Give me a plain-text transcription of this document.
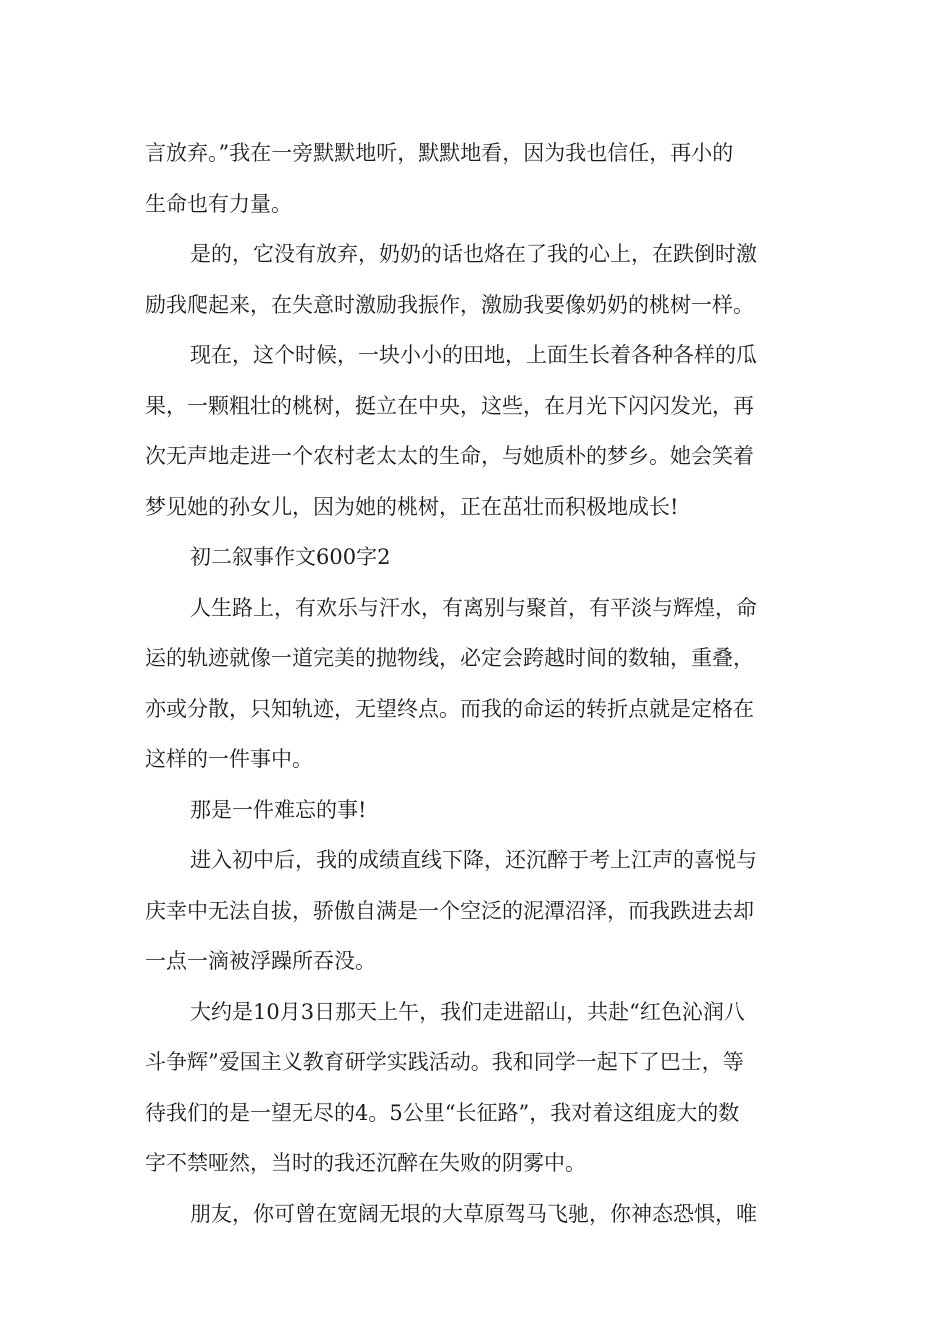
言放弃。”我在一旁默默地听，默默地看，因为我也信任，再小的
生命也有力量。

是的，它没有放弃，奶奶的话也烙在了我的心上，在跌倒时激
励我爬起来，在失意时激励我振作，激励我要像奶奶的桃树一样。

现在，这个时候，一块小小的田地，上面生长着各种各样的瓜
果，一颗粗壮的桃树，挺立在中央，这些，在月光下闪闪发光，再
次无声地走进一个农村老太太的生命，与她质朴的梦乡。她会笑着
梦见她的孙女儿，因为她的桃树，正在茁壮而积极地成长!

初二叙事作文600字2

人生路上，有欢乐与汗水，有离别与聚首，有平淡与辉煌，命
运的轨迹就像一道完美的抛物线，必定会跨越时间的数轴，重叠，
亦或分散，只知轨迹，无望终点。而我的命运的转折点就是定格在
这样的一件事中。

那是一件难忘的事!

进入初中后，我的成绩直线下降，还沉醉于考上江声的喜悦与
庆幸中无法自拔，骄傲自满是一个空泛的泥潭沼泽，而我跌进去却
一点一滴被浮躁所吞没。

大约是10月3日那天上午，我们走进韶山，共赴“红色沁润八
斗争辉”爱国主义教育研学实践活动。我和同学一起下了巴士，等
待我们的是一望无尽的4。5公里“长征路”，我对着这组庞大的数
字不禁哑然，当时的我还沉醉在失败的阴雾中。

朋友，你可曾在宽阔无垠的大草原驾马飞驰，你神态恐惧，唯
